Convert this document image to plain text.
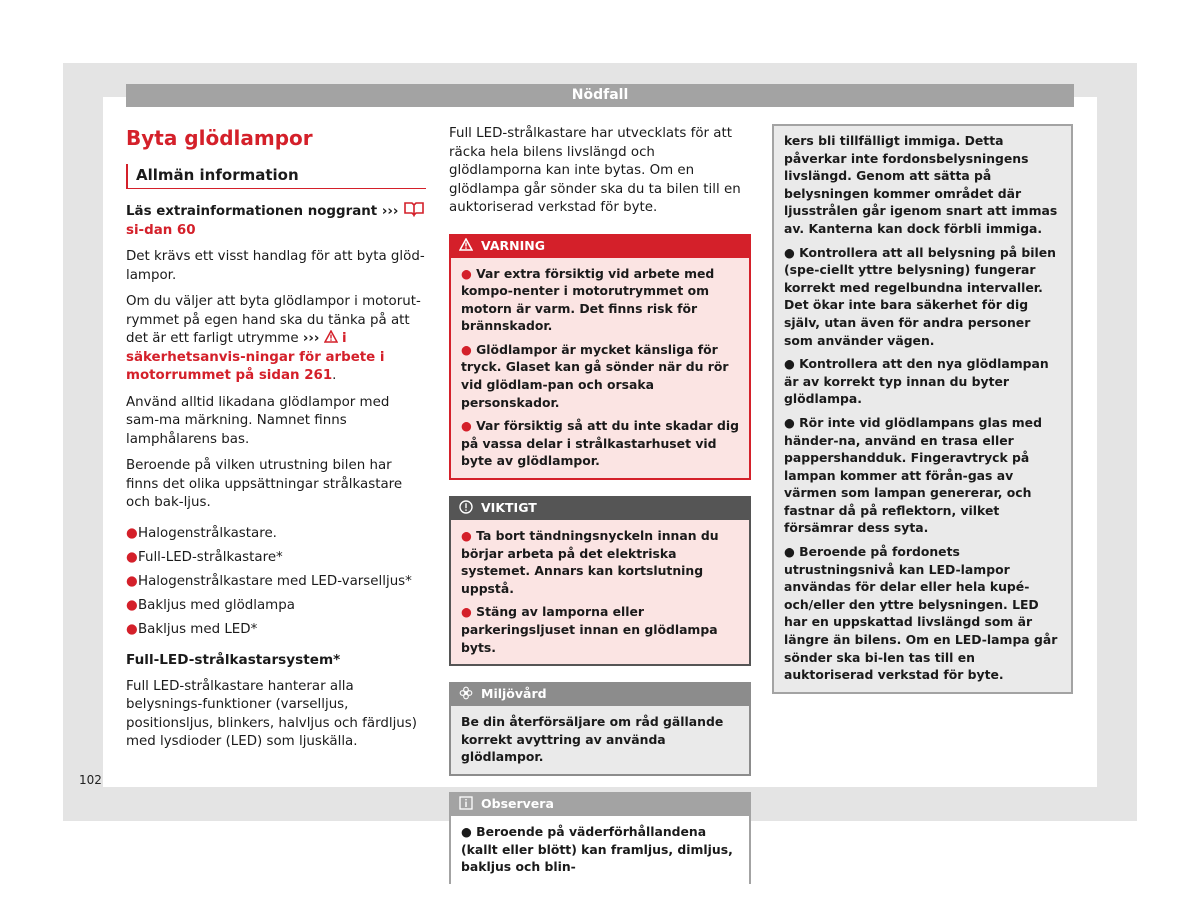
Nödfall
Byta glödlampor
Allmän information

Läs extrainformationen noggrant ›››  si-dan 60

Det krävs ett visst handlag för att byta glöd-lampor.

Om du väljer att byta glödlampor i motorut-rymmet på egen hand ska du tänka på att det är ett farligt utrymme ››› i säkerhetsanvis-ningar för arbete i motorrummet på sidan 261.

Använd alltid likadana glödlampor med sam-ma märkning. Namnet finns lamphålarens bas.

Beroende på vilken utrustning bilen har finns det olika uppsättningar strålkastare och bak-ljus.

● Halogenstrålkastare.
● Full-LED-strålkastare*
● Halogenstrålkastare med LED-varselljus*
● Bakljus med glödlampa
● Bakljus med LED*

Full-LED-strålkastarsystem*

Full LED-strålkastare hanterar alla belysnings-funktioner (varselljus, positionsljus, blinkers, halvljus och färdljus) med lysdioder (LED) som ljuskälla.

Full LED-strålkastare har utvecklats för att räcka hela bilens livslängd och glödlamporna kan inte bytas. Om en glödlampa går sönder ska du ta bilen till en auktoriserad verkstad för byte.

VARNING

● Var extra försiktig vid arbete med kompo-nenter i motorutrymmet om motorn är varm. Det finns risk för brännskador.

● Glödlampor är mycket känsliga för tryck. Glaset kan gå sönder när du rör vid glödlam-pan och orsaka personskador.

● Var försiktig så att du inte skadar dig på vassa delar i strålkastarhuset vid byte av glödlampor.

VIKTIGT

● Ta bort tändningsnyckeln innan du börjar arbeta på det elektriska systemet. Annars kan kortslutning uppstå.

● Stäng av lamporna eller parkeringsljuset innan en glödlampa byts.

Miljövård

Be din återförsäljare om råd gällande korrekt avyttring av använda glödlampor.

Observera

● Beroende på väderförhållandena (kallt eller blött) kan framljus, dimljus, bakljus och blin-

kers bli tillfälligt immiga. Detta påverkar inte fordonsbelysningens livslängd. Genom att sätta på belysningen kommer området där ljusstrålen går igenom snart att immas av. Kanterna kan dock förbli immiga.

● Kontrollera att all belysning på bilen (spe-ciellt yttre belysning) fungerar korrekt med regelbundna intervaller. Det ökar inte bara säkerhet för dig själv, utan även för andra personer som använder vägen.

● Kontrollera att den nya glödlampan är av korrekt typ innan du byter glödlampa.

● Rör inte vid glödlampans glas med händer-na, använd en trasa eller pappershandduk. Fingeravtryck på lampan kommer att förån-gas av värmen som lampan genererar, och fastnar då på reflektorn, vilket försämrar dess syta.

● Beroende på fordonets utrustningsnivå kan LED-lampor användas för delar eller hela kupé- och/eller den yttre belysningen. LED har en uppskattad livslängd som är längre än bilens. Om en LED-lampa går sönder ska bi-len tas till en auktoriserad verkstad för byte.

102
